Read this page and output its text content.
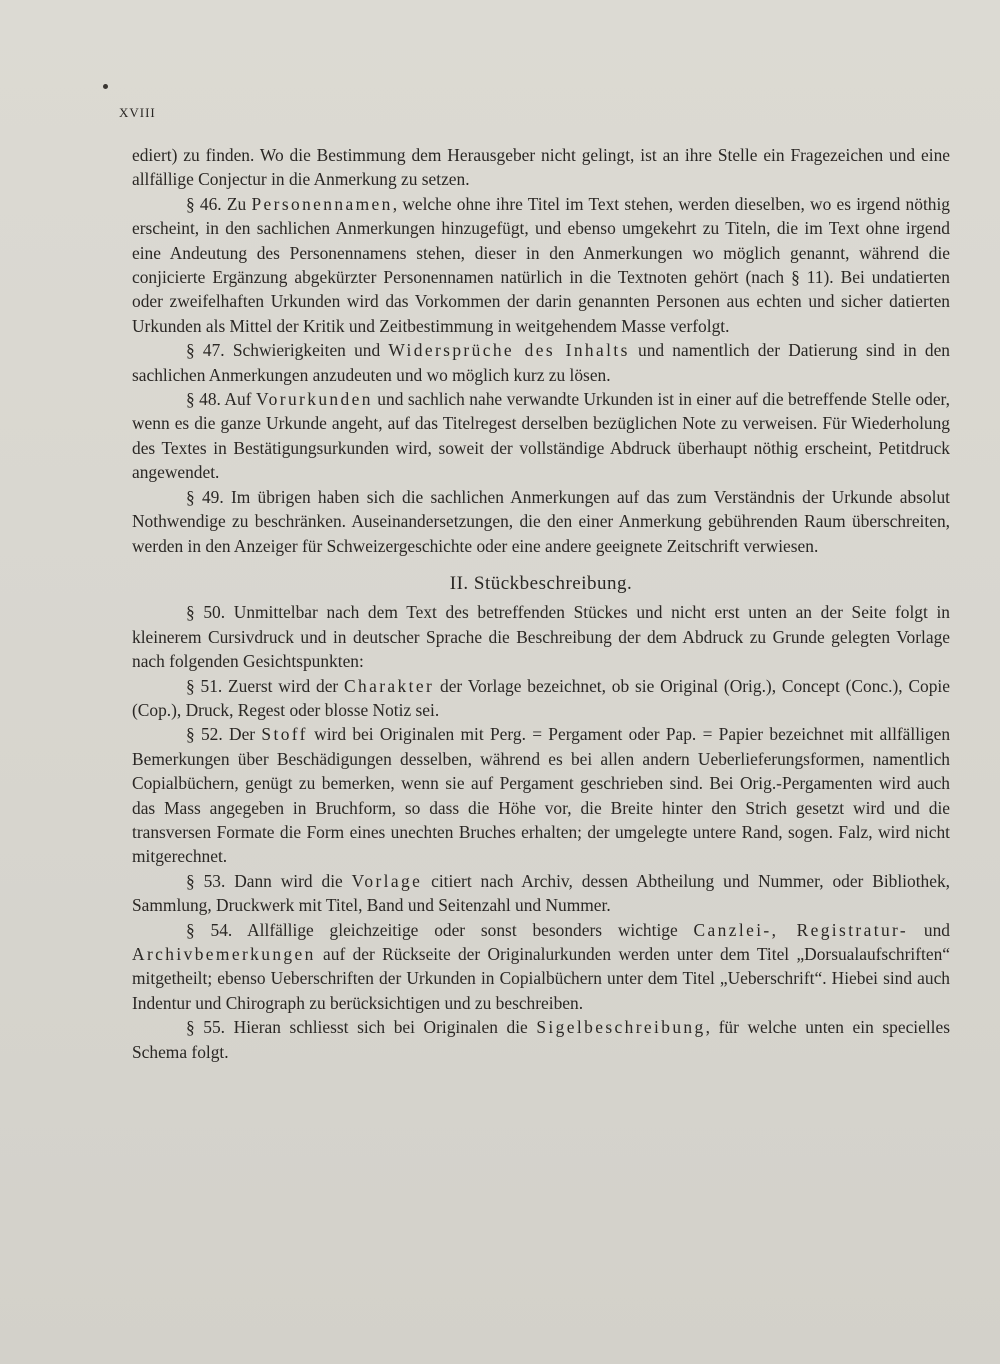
XVIII

ediert) zu finden. Wo die Bestimmung dem Herausgeber nicht gelingt, ist an ihre Stelle ein Fragezeichen und eine allfällige Conjectur in die Anmerkung zu setzen.

§ 46. Zu Personennamen, welche ohne ihre Titel im Text stehen, werden dieselben, wo es irgend nöthig erscheint, in den sachlichen Anmerkungen hinzugefügt, und ebenso umgekehrt zu Titeln, die im Text ohne irgend eine Andeutung des Personennamens stehen, dieser in den Anmerkungen wo möglich genannt, während die conjicierte Ergänzung abgekürzter Personennamen natürlich in die Textnoten gehört (nach § 11). Bei undatierten oder zweifelhaften Urkunden wird das Vorkommen der darin genannten Personen aus echten und sicher datierten Urkunden als Mittel der Kritik und Zeitbestimmung in weitgehendem Masse verfolgt.

§ 47. Schwierigkeiten und Widersprüche des Inhalts und namentlich der Datierung sind in den sachlichen Anmerkungen anzudeuten und wo möglich kurz zu lösen.

§ 48. Auf Vorurkunden und sachlich nahe verwandte Urkunden ist in einer auf die betreffende Stelle oder, wenn es die ganze Urkunde angeht, auf das Titelregest derselben bezüglichen Note zu verweisen. Für Wiederholung des Textes in Bestätigungsurkunden wird, soweit der vollständige Abdruck überhaupt nöthig erscheint, Petitdruck angewendet.

§ 49. Im übrigen haben sich die sachlichen Anmerkungen auf das zum Verständnis der Urkunde absolut Nothwendige zu beschränken. Auseinandersetzungen, die den einer Anmerkung gebührenden Raum überschreiten, werden in den Anzeiger für Schweizergeschichte oder eine andere geeignete Zeitschrift verwiesen.

II. Stückbeschreibung.

§ 50. Unmittelbar nach dem Text des betreffenden Stückes und nicht erst unten an der Seite folgt in kleinerem Cursivdruck und in deutscher Sprache die Beschreibung der dem Abdruck zu Grunde gelegten Vorlage nach folgenden Gesichtspunkten:

§ 51. Zuerst wird der Charakter der Vorlage bezeichnet, ob sie Original (Orig.), Concept (Conc.), Copie (Cop.), Druck, Regest oder blosse Notiz sei.

§ 52. Der Stoff wird bei Originalen mit Perg. = Pergament oder Pap. = Papier bezeichnet mit allfälligen Bemerkungen über Beschädigungen desselben, während es bei allen andern Ueberlieferungsformen, namentlich Copialbüchern, genügt zu bemerken, wenn sie auf Pergament geschrieben sind. Bei Orig.-Pergamenten wird auch das Mass angegeben in Bruchform, so dass die Höhe vor, die Breite hinter den Strich gesetzt wird und die transversen Formate die Form eines unechten Bruches erhalten; der umgelegte untere Rand, sogen. Falz, wird nicht mitgerechnet.

§ 53. Dann wird die Vorlage citiert nach Archiv, dessen Abtheilung und Nummer, oder Bibliothek, Sammlung, Druckwerk mit Titel, Band und Seitenzahl und Nummer.

§ 54. Allfällige gleichzeitige oder sonst besonders wichtige Canzlei-, Registratur- und Archivbemerkungen auf der Rückseite der Originalurkunden werden unter dem Titel „Dorsualaufschriften“ mitgetheilt; ebenso Ueberschriften der Urkunden in Copialbüchern unter dem Titel „Ueberschrift“. Hiebei sind auch Indentur und Chirograph zu berücksichtigen und zu beschreiben.

§ 55. Hieran schliesst sich bei Originalen die Sigelbeschreibung, für welche unten ein specielles Schema folgt.
